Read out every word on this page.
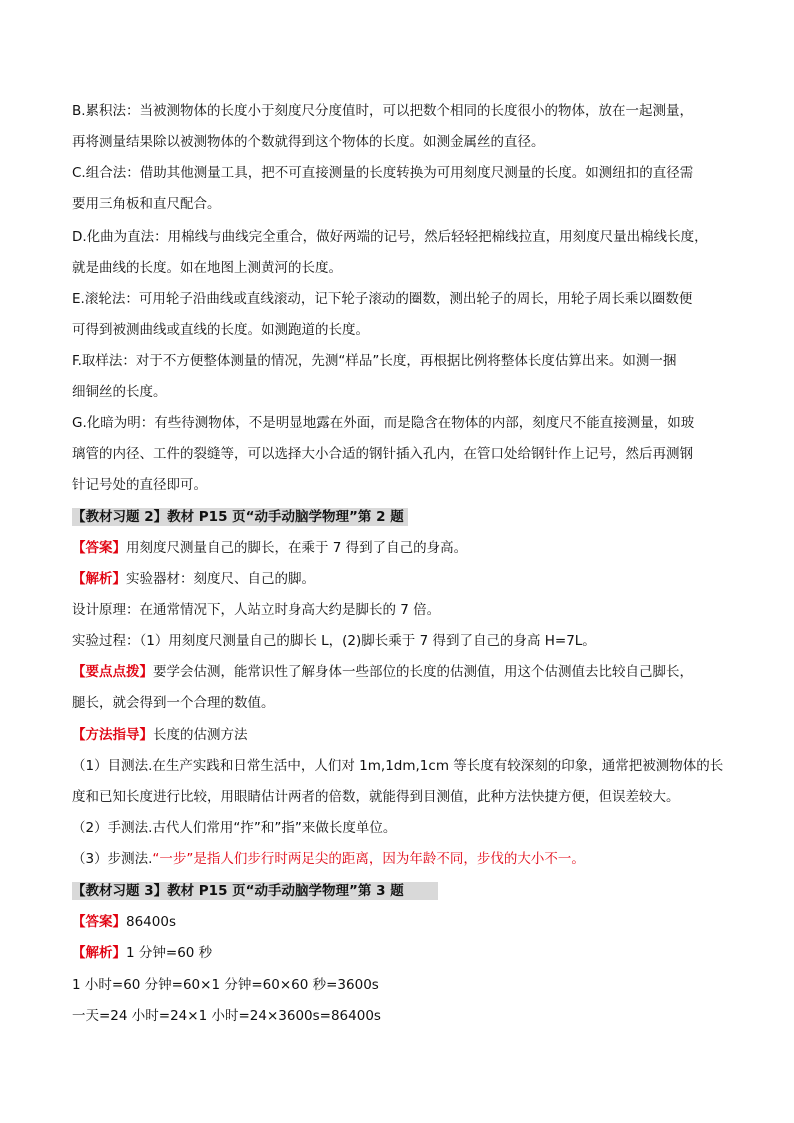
B.累积法：当被测物体的长度小于刻度尺分度值时，可以把数个相同的长度很小的物体，放在一起测量，
再将测量结果除以被测物体的个数就得到这个物体的长度。如测金属丝的直径。
C.组合法：借助其他测量工具，把不可直接测量的长度转换为可用刻度尺测量的长度。如测纽扣的直径需
要用三角板和直尺配合。
D.化曲为直法：用棉线与曲线完全重合，做好两端的记号，然后轻轻把棉线拉直，用刻度尺量出棉线长度，
就是曲线的长度。如在地图上测黄河的长度。
E.滚轮法：可用轮子沿曲线或直线滚动，记下轮子滚动的圈数，测出轮子的周长，用轮子周长乘以圈数便
可得到被测曲线或直线的长度。如测跑道的长度。
F.取样法：对于不方便整体测量的情况，先测“样品”长度，再根据比例将整体长度估算出来。如测一捆
细铜丝的长度。
G.化暗为明：有些待测物体，不是明显地露在外面，而是隐含在物体的内部，刻度尺不能直接测量，如玻
璃管的内径、工件的裂缝等，可以选择大小合适的钢针插入孔内，在管口处给钢针作上记号，然后再测钢
针记号处的直径即可。
【教材习题 2】教材 P15 页“动手动脑学物理”第 2 题
【答案】用刻度尺测量自己的脚长，在乘于 7 得到了自己的身高。
【解析】实验器材：刻度尺、自己的脚。
设计原理：在通常情况下，人站立时身高大约是脚长的 7 倍。
实验过程：（1）用刻度尺测量自己的脚长 L，(2)脚长乘于 7 得到了自己的身高 H=7L。
【要点点拨】要学会估测，能常识性了解身体一些部位的长度的估测值，用这个估测值去比较自己脚长，
腿长，就会得到一个合理的数值。
【方法指导】长度的估测方法
（1）目测法.在生产实践和日常生活中，人们对 1m,1dm,1cm 等长度有较深刻的印象，通常把被测物体的长
度和已知长度进行比较，用眼睛估计两者的倍数，就能得到目测值，此种方法快捷方便，但误差较大。
（2）手测法.古代人们常用“拃”和”指”来做长度单位。
（3）步测法.“一步”是指人们步行时两足尖的距离，因为年龄不同，步伐的大小不一。
【教材习题 3】教材 P15 页“动手动脑学物理”第 3 题
【答案】86400s
【解析】1 分钟=60 秒
1 小时=60 分钟=60×1 分钟=60×60 秒=3600s
一天=24 小时=24×1 小时=24×3600s=86400s
